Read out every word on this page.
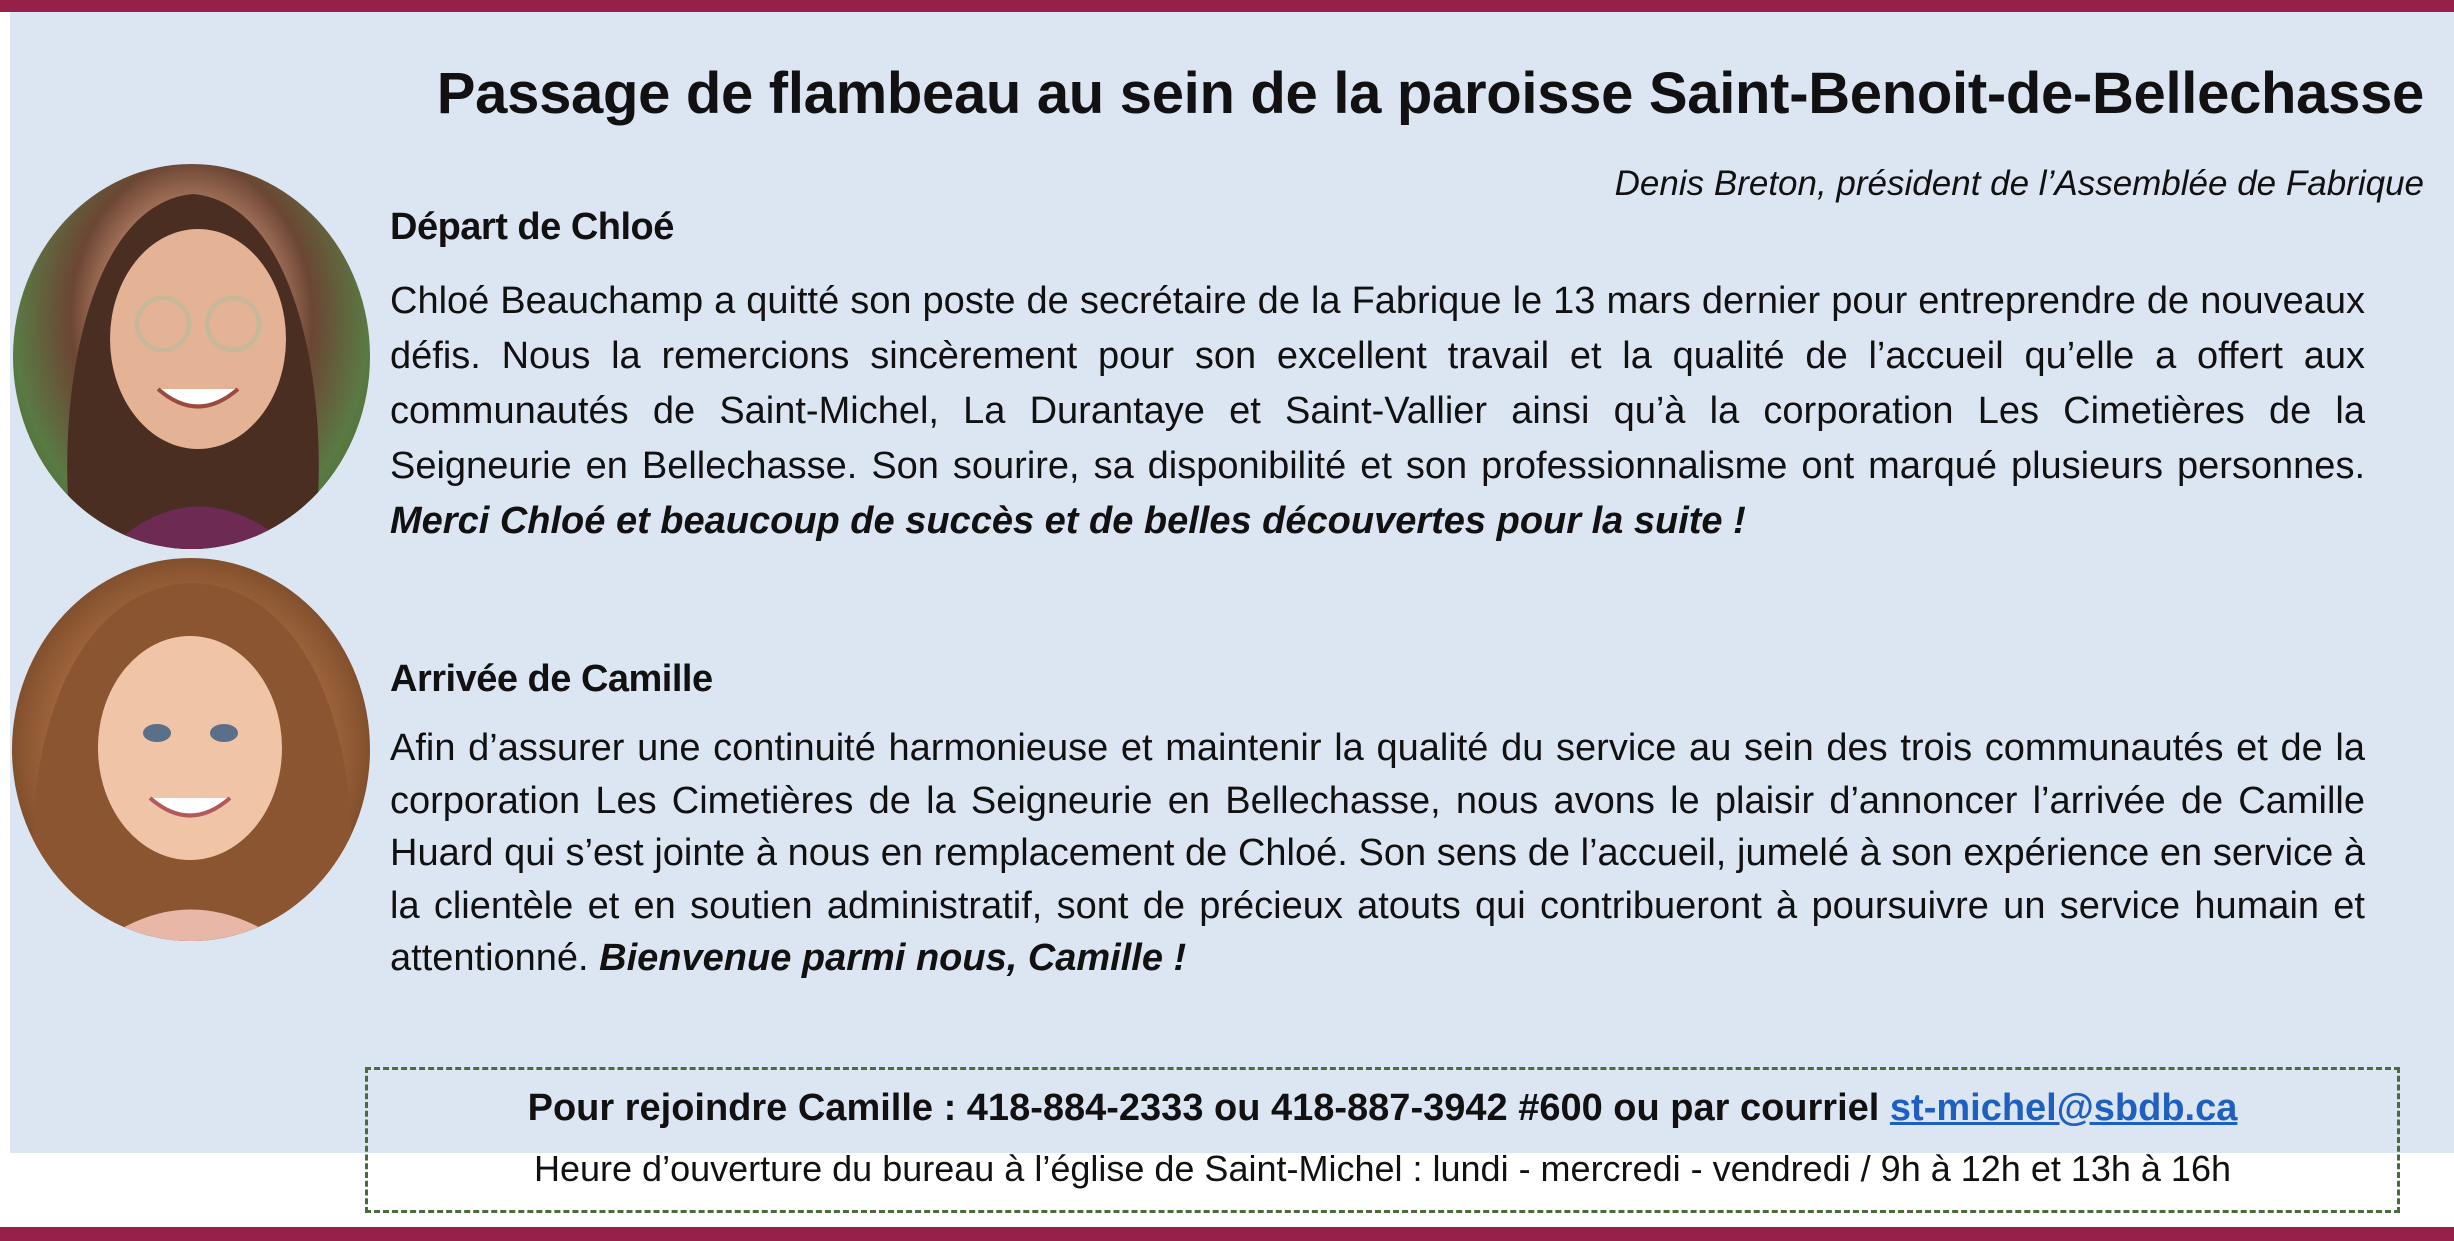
Passage de flambeau au sein de la paroisse Saint-Benoit-de-Bellechasse
Denis Breton, président de l’Assemblée de Fabrique
Départ de Chloé
Chloé Beauchamp a quitté son poste de secrétaire de la Fabrique le 13 mars dernier pour entreprendre de nouveaux défis. Nous la remercions sincèrement pour son excellent travail et la qualité de l’accueil qu’elle a offert aux communautés de Saint-Michel, La Durantaye et Saint-Vallier ainsi qu’à la corporation Les Cimetières de la Seigneurie en Bellechasse. Son sourire, sa disponibilité et son professionnalisme ont marqué plusieurs personnes. Merci Chloé et beaucoup de succès et de belles découvertes pour la suite !
Arrivée de Camille
Afin d’assurer une continuité harmonieuse et maintenir la qualité du service au sein des trois communautés et de la corporation Les Cimetières de la Seigneurie en Bellechasse, nous avons le plaisir d’annoncer l’arrivée de Camille Huard qui s’est jointe à nous en remplacement de Chloé. Son sens de l’accueil, jumelé à son expérience en service à la clientèle et en soutien administratif, sont de précieux atouts qui contribueront à poursuivre un service humain et attentionné. Bienvenue parmi nous, Camille !
Pour rejoindre Camille : 418-884-2333 ou 418-887-3942 #600 ou par courriel st-michel@sbdb.ca
Heure d’ouverture du bureau à l’église de Saint-Michel : lundi - mercredi - vendredi / 9h à 12h et 13h à 16h
